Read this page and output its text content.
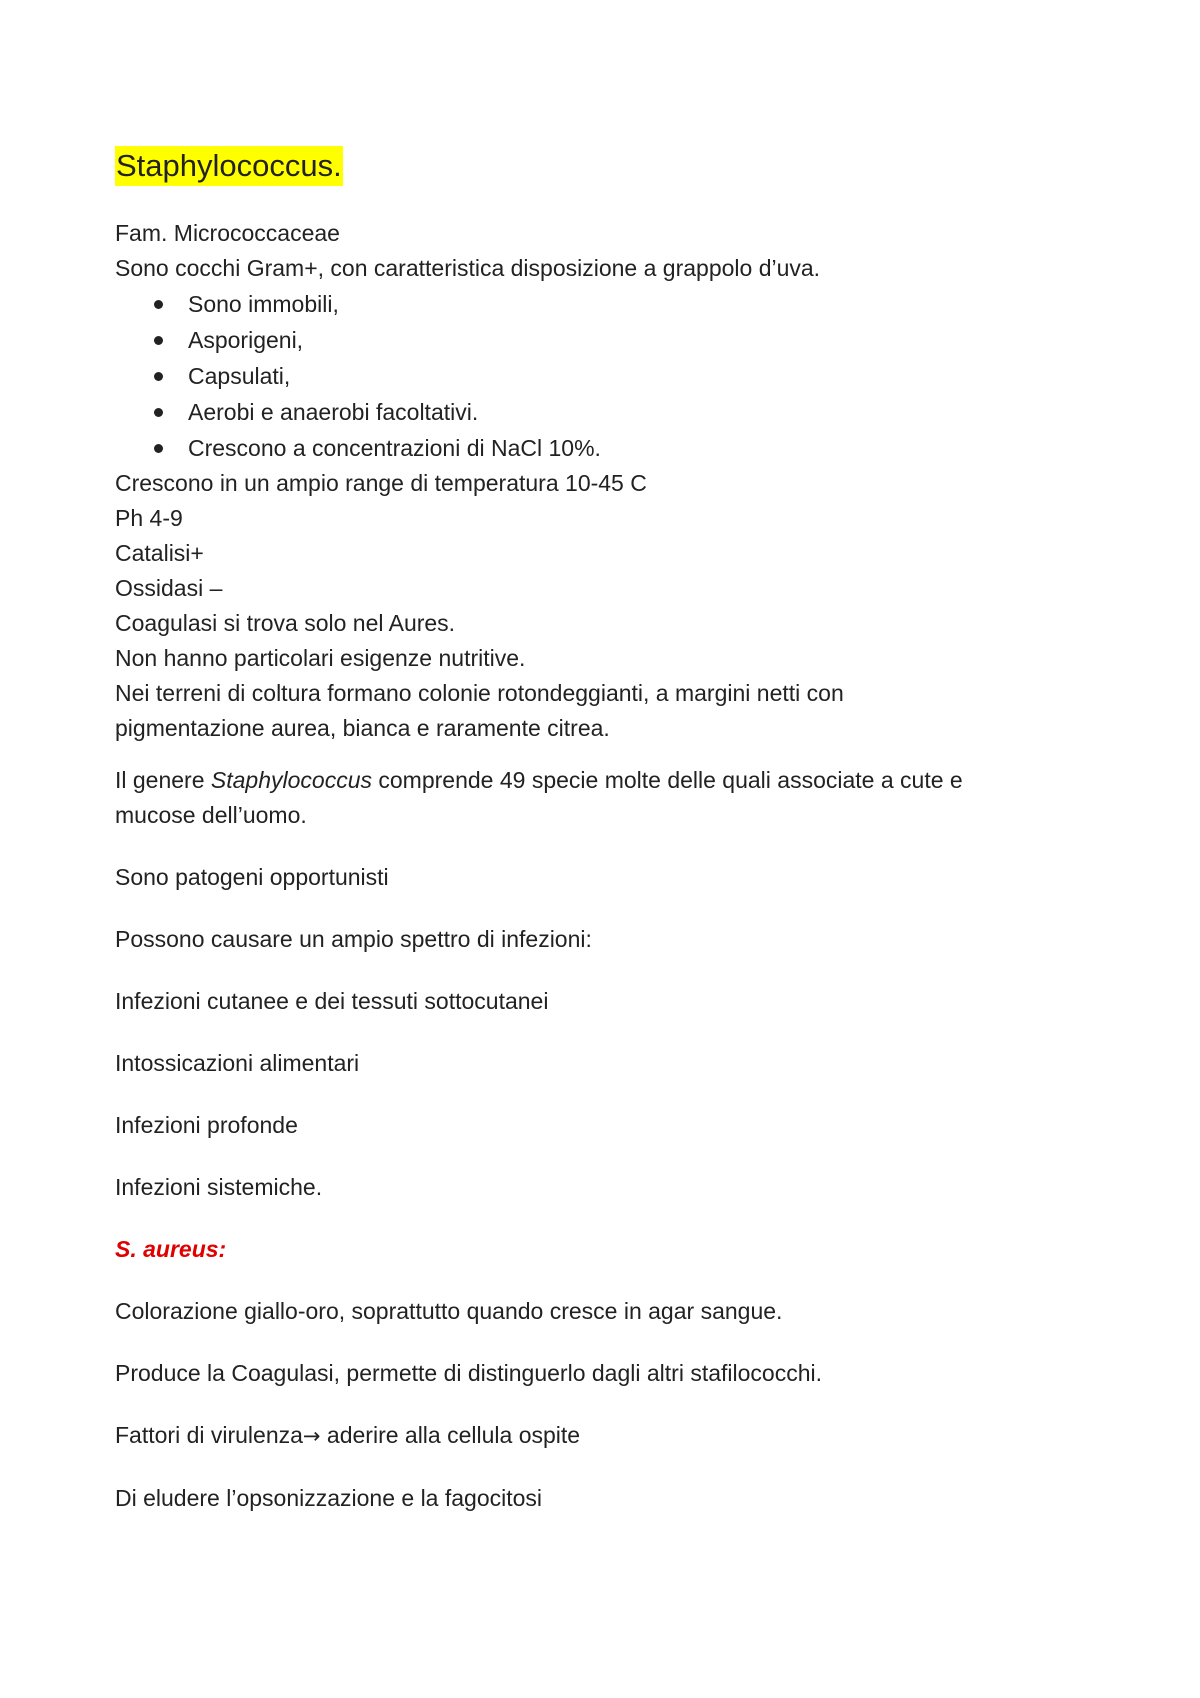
Staphylococcus.
Fam. Micrococcaceae
Sono cocchi Gram+, con caratteristica disposizione a grappolo d’uva.
Sono immobili,
Asporigeni,
Capsulati,
Aerobi e anaerobi facoltativi.
Crescono a concentrazioni di NaCl 10%.
Crescono in un ampio range di temperatura 10-45 C
Ph 4-9
Catalisi+
Ossidasi –
Coagulasi si trova solo nel Aures.
Non hanno particolari esigenze nutritive.
Nei terreni di coltura formano colonie rotondeggianti, a margini netti con
pigmentazione aurea, bianca e raramente citrea.
Il genere Staphylococcus comprende 49 specie molte delle quali associate a cute e
mucose dell’uomo.
Sono patogeni opportunisti
Possono causare un ampio spettro di infezioni:
Infezioni cutanee e dei tessuti sottocutanei
Intossicazioni alimentari
Infezioni profonde
Infezioni sistemiche.
S. aureus:
Colorazione giallo-oro, soprattutto quando cresce in agar sangue.
Produce la Coagulasi, permette di distinguerlo dagli altri stafilococchi.
Fattori di virulenza→ aderire alla cellula ospite
Di eludere l’opsonizzazione e la fagocitosi
